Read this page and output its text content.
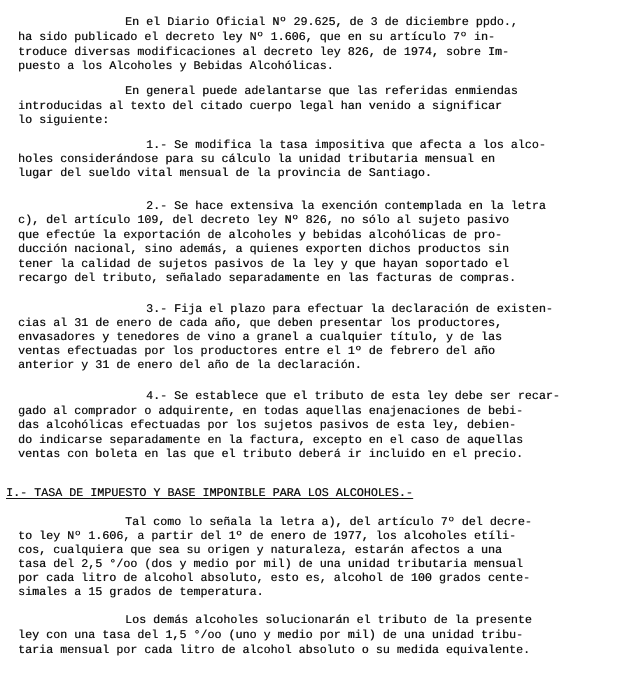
En el Diario Oficial Nº 29.625, de 3 de diciembre ppdo.,
ha sido publicado el decreto ley Nº 1.606, que en su artículo 7º in-
troduce diversas modificaciones al decreto ley 826, de 1974, sobre Im-
puesto a los Alcoholes y Bebidas Alcohólicas.
En general puede adelantarse que las referidas enmiendas
introducidas al texto del citado cuerpo legal han venido a significar
lo siguiente:
1.- Se modifica la tasa impositiva que afecta a los alco-
holes considerándose para su cálculo la unidad tributaria mensual en
lugar del sueldo vital mensual de la provincia de Santiago.
2.- Se hace extensiva la exención contemplada en la letra
c), del artículo 109, del decreto ley Nº 826, no sólo al sujeto pasivo
que efectúe la exportación de alcoholes y bebidas alcohólicas de pro-
ducción nacional, sino además, a quienes exporten dichos productos sin
tener la calidad de sujetos pasivos de la ley y que hayan soportado el
recargo del tributo, señalado separadamente en las facturas de compras.
3.- Fija el plazo para efectuar la declaración de existen-
cias al 31 de enero de cada año, que deben presentar los productores,
envasadores y tenedores de vino a granel a cualquier título, y de las
ventas efectuadas por los productores entre el 1º de febrero del año
anterior y 31 de enero del año de la declaración.
4.- Se establece que el tributo de esta ley debe ser recar-
gado al comprador o adquirente, en todas aquellas enajenaciones de bebi-
das alcohólicas efectuadas por los sujetos pasivos de esta ley, debien-
do indicarse separadamente en la factura, excepto en el caso de aquellas
ventas con boleta en las que el tributo deberá ir incluido en el precio.
I.- TASA DE IMPUESTO Y BASE IMPONIBLE PARA LOS ALCOHOLES.-
Tal como lo señala la letra a), del artículo 7º del decre-
to ley Nº 1.606, a partir del 1º de enero de 1977, los alcoholes etíli-
cos, cualquiera que sea su origen y naturaleza, estarán afectos a una
tasa del 2,5 °/oo (dos y medio por mil) de una unidad tributaria mensual
por cada litro de alcohol absoluto, esto es, alcohol de 100 grados cente-
simales a 15 grados de temperatura.
Los demás alcoholes solucionarán el tributo de la presente
ley con una tasa del 1,5 °/oo (uno y medio por mil) de una unidad tribu-
taria mensual por cada litro de alcohol absoluto o su medida equivalente.
